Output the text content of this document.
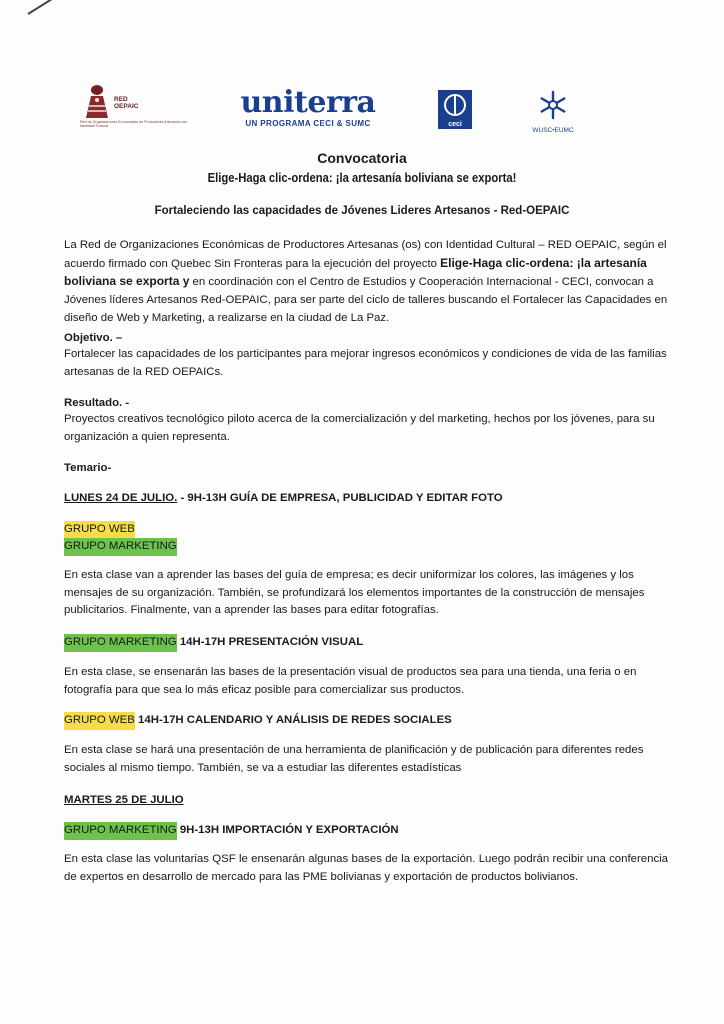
RED
OEPAIC
Red de Organizaciones Económicas de Productores Artesanos con Identidad Cultural
uniterra
UN PROGRAMA CECI & SUMC	ceci
WUSC•EUMC
Convocatoria
Elige-Haga clic-ordena: ¡la artesanía boliviana se exporta!
Fortaleciendo las capacidades de Jóvenes Lideres Artesanos - Red-OEPAIC
La Red de Organizaciones Económicas de Productores Artesanas (os) con Identidad Cultural – RED OEPAIC, según el acuerdo firmado con Quebec Sin Fronteras para la ejecución del proyecto Elige-Haga clic-ordena: ¡la artesanía boliviana se exporta y en coordinación con el Centro de Estudios y Cooperación Internacional - CECI, convocan a Jóvenes líderes Artesanos Red-OEPAIC, para ser parte del ciclo de talleres buscando el Fortalecer las Capacidades en diseño de Web y Marketing, a realizarse en la ciudad de La Paz.
Objetivo. –
Fortalecer las capacidades de los participantes para mejorar ingresos económicos y condiciones de vida de las familias artesanas de la RED OEPAICs.
Resultado. -
Proyectos creativos tecnológico piloto acerca de la comercialización y del marketing, hechos por los jóvenes, para su organización a quien representa.
Temario-
LUNES 24 DE JULIO. - 9H-13H GUÍA DE EMPRESA, PUBLICIDAD Y EDITAR FOTO
GRUPO WEB
GRUPO MARKETING
En esta clase van a aprender las bases del guía de empresa; es decir uniformizar los colores, las imágenes y los mensajes de su organización. También, se profundizará los elementos importantes de la construcción de mensajes publicitarios. Finalmente, van a aprender las bases para editar fotografías.
GRUPO MARKETING 14H-17H PRESENTACIÓN VISUAL
En esta clase, se ensenarán las bases de la presentación visual de productos sea para una tienda, una feria o en fotografía para que sea lo más eficaz posible para comercializar sus productos.
GRUPO WEB 14H-17H CALENDARIO Y ANÁLISIS DE REDES SOCIALES
En esta clase se hará una presentación de una herramienta de planificación y de publicación para diferentes redes sociales al mismo tiempo. También, se va a estudiar las diferentes estadísticas
MARTES 25 DE JULIO
GRUPO MARKETING 9H-13H IMPORTACIÓN Y EXPORTACIÓN
En esta clase las voluntarias QSF le ensenarán algunas bases de la exportación. Luego podrán recibir una conferencia de expertos en desarrollo de mercado para las PME bolivianas y exportación de productos bolivianos.
